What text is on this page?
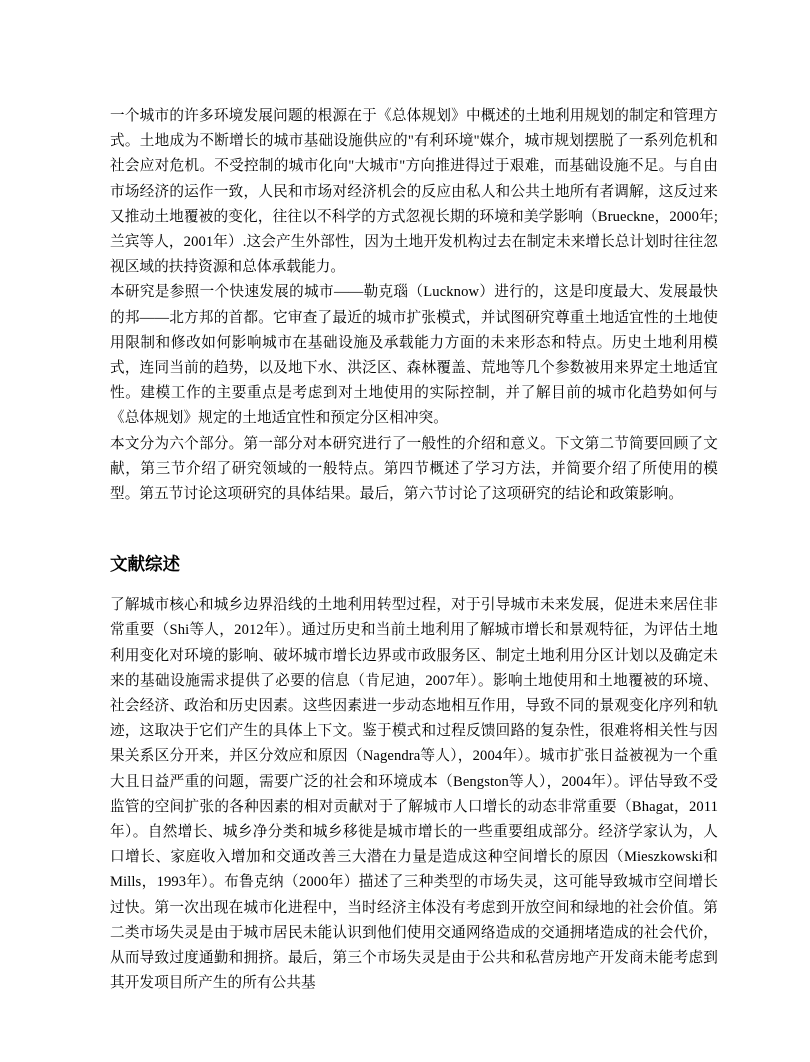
一个城市的许多环境发展问题的根源在于《总体规划》中概述的土地利用规划的制定和管理方式。土地成为不断增长的城市基础设施供应的"有利环境"媒介，城市规划摆脱了一系列危机和社会应对危机。不受控制的城市化向"大城市"方向推进得过于艰难，而基础设施不足。与自由市场经济的运作一致，人民和市场对经济机会的反应由私人和公共土地所有者调解，这反过来又推动土地覆被的变化，往往以不科学的方式忽视长期的环境和美学影响（Brueckne，2000年;兰宾等人，2001年）.这会产生外部性，因为土地开发机构过去在制定未来增长总计划时往往忽视区域的扶持资源和总体承载能力。

本研究是参照一个快速发展的城市——勒克瑙（Lucknow）进行的，这是印度最大、发展最快的邦——北方邦的首都。它审查了最近的城市扩张模式，并试图研究尊重土地适宜性的土地使用限制和修改如何影响城市在基础设施及承载能力方面的未来形态和特点。历史土地利用模式，连同当前的趋势，以及地下水、洪泛区、森林覆盖、荒地等几个参数被用来界定土地适宜性。建模工作的主要重点是考虑到对土地使用的实际控制，并了解目前的城市化趋势如何与《总体规划》规定的土地适宜性和预定分区相冲突。

本文分为六个部分。第一部分对本研究进行了一般性的介绍和意义。下文第二节简要回顾了文献，第三节介绍了研究领域的一般特点。第四节概述了学习方法，并简要介绍了所使用的模型。第五节讨论这项研究的具体结果。最后，第六节讨论了这项研究的结论和政策影响。

文献综述

了解城市核心和城乡边界沿线的土地利用转型过程，对于引导城市未来发展，促进未来居住非常重要（Shi等人，2012年）。通过历史和当前土地利用了解城市增长和景观特征，为评估土地利用变化对环境的影响、破坏城市增长边界或市政服务区、制定土地利用分区计划以及确定未来的基础设施需求提供了必要的信息（肯尼迪，2007年）。影响土地使用和土地覆被的环境、社会经济、政治和历史因素。这些因素进一步动态地相互作用，导致不同的景观变化序列和轨迹，这取决于它们产生的具体上下文。鉴于模式和过程反馈回路的复杂性，很难将相关性与因果关系区分开来，并区分效应和原因（Nagendra等人），2004年）。城市扩张日益被视为一个重大且日益严重的问题，需要广泛的社会和环境成本（Bengston等人），2004年）。评估导致不受监管的空间扩张的各种因素的相对贡献对于了解城市人口增长的动态非常重要（Bhagat，2011年）。自然增长、城乡净分类和城乡移徙是城市增长的一些重要组成部分。经济学家认为，人口增长、家庭收入增加和交通改善三大潜在力量是造成这种空间增长的原因（Mieszkowski和Mills，1993年）。布鲁克纳（2000年）描述了三种类型的市场失灵，这可能导致城市空间增长过快。第一次出现在城市化进程中，当时经济主体没有考虑到开放空间和绿地的社会价值。第二类市场失灵是由于城市居民未能认识到他们使用交通网络造成的交通拥堵造成的社会代价，从而导致过度通勤和拥挤。最后，第三个市场失灵是由于公共和私营房地产开发商未能考虑到其开发项目所产生的所有公共基
